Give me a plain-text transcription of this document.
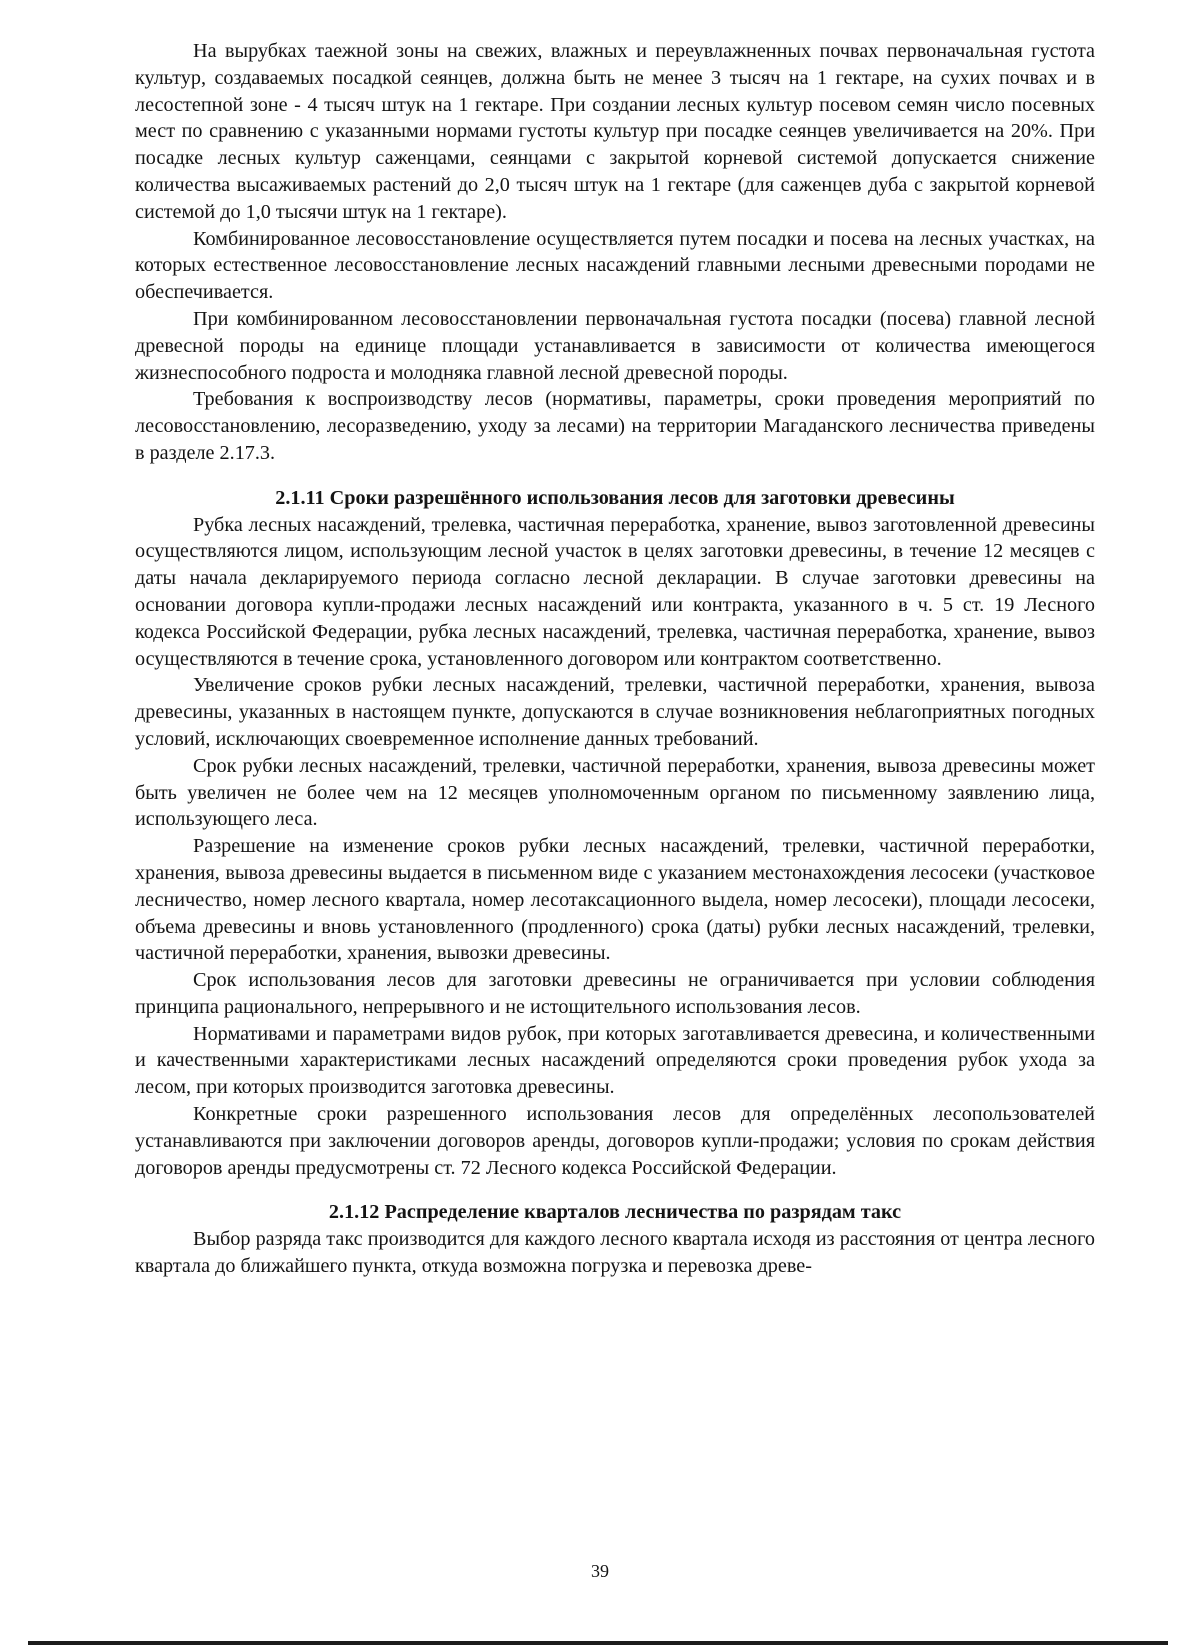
На вырубках таежной зоны на свежих, влажных и переувлажненных почвах первоначальная густота культур, создаваемых посадкой сеянцев, должна быть не менее 3 тысяч на 1 гектаре, на сухих почвах и в лесостепной зоне - 4 тысяч штук на 1 гектаре. При создании лесных культур посевом семян число посевных мест по сравнению с указанными нормами густоты культур при посадке сеянцев увеличивается на 20%. При посадке лесных культур саженцами, сеянцами с закрытой корневой системой допускается снижение количества высаживаемых растений до 2,0 тысяч штук на 1 гектаре (для саженцев дуба с закрытой корневой системой до 1,0 тысячи штук на 1 гектаре).

Комбинированное лесовосстановление осуществляется путем посадки и посева на лесных участках, на которых естественное лесовосстановление лесных насаждений главными лесными древесными породами не обеспечивается.

При комбинированном лесовосстановлении первоначальная густота посадки (посева) главной лесной древесной породы на единице площади устанавливается в зависимости от количества имеющегося жизнеспособного подроста и молодняка главной лесной древесной породы.

Требования к воспроизводству лесов (нормативы, параметры, сроки проведения мероприятий по лесовосстановлению, лесоразведению, уходу за лесами) на территории Магаданского лесничества приведены в разделе 2.17.3.

2.1.11 Сроки разрешённого использования лесов для заготовки древесины

Рубка лесных насаждений, трелевка, частичная переработка, хранение, вывоз заготовленной древесины осуществляются лицом, использующим лесной участок в целях заготовки древесины, в течение 12 месяцев с даты начала декларируемого периода согласно лесной декларации. В случае заготовки древесины на основании договора купли-продажи лесных насаждений или контракта, указанного в ч. 5 ст. 19 Лесного кодекса Российской Федерации, рубка лесных насаждений, трелевка, частичная переработка, хранение, вывоз осуществляются в течение срока, установленного договором или контрактом соответственно.

Увеличение сроков рубки лесных насаждений, трелевки, частичной переработки, хранения, вывоза древесины, указанных в настоящем пункте, допускаются в случае возникновения неблагоприятных погодных условий, исключающих своевременное исполнение данных требований.

Срок рубки лесных насаждений, трелевки, частичной переработки, хранения, вывоза древесины может быть увеличен не более чем на 12 месяцев уполномоченным органом по письменному заявлению лица, использующего леса.

Разрешение на изменение сроков рубки лесных насаждений, трелевки, частичной переработки, хранения, вывоза древесины выдается в письменном виде с указанием местонахождения лесосеки (участковое лесничество, номер лесного квартала, номер лесотаксационного выдела, номер лесосеки), площади лесосеки, объема древесины и вновь установленного (продленного) срока (даты) рубки лесных насаждений, трелевки, частичной переработки, хранения, вывозки древесины.

Срок использования лесов для заготовки древесины не ограничивается при условии соблюдения принципа рационального, непрерывного и не истощительного использования лесов.

Нормативами и параметрами видов рубок, при которых заготавливается древесина, и количественными и качественными характеристиками лесных насаждений определяются сроки проведения рубок ухода за лесом, при которых производится заготовка древесины.

Конкретные сроки разрешенного использования лесов для определённых лесопользователей устанавливаются при заключении договоров аренды, договоров купли-продажи; условия по срокам действия договоров аренды предусмотрены ст. 72 Лесного кодекса Российской Федерации.

2.1.12 Распределение кварталов лесничества по разрядам такс

Выбор разряда такс производится для каждого лесного квартала исходя из расстояния от центра лесного квартала до ближайшего пункта, откуда возможна погрузка и перевозка древе-

39
